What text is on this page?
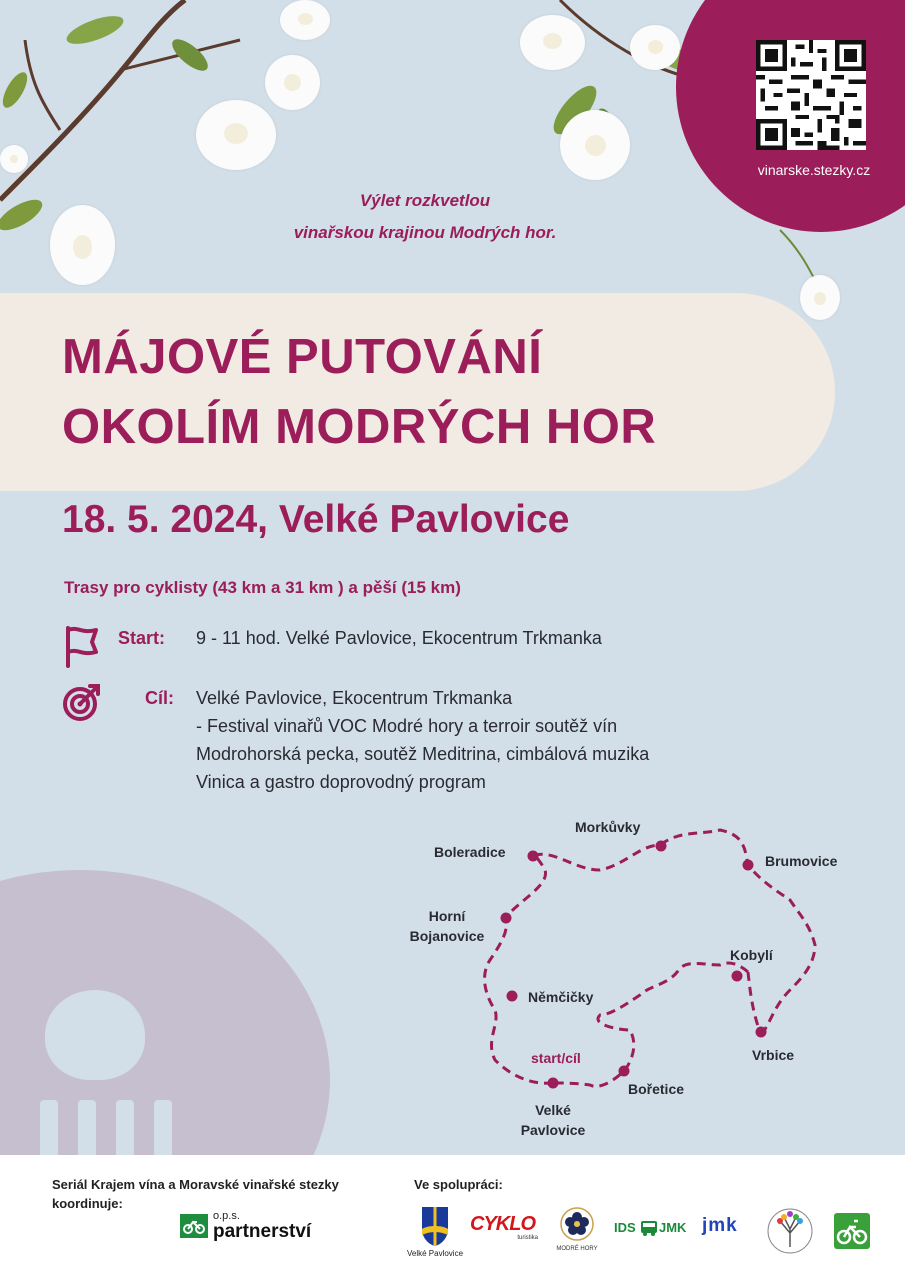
vinarske.stezky.cz
Výlet rozkvetlou
vinařskou krajinou Modrých hor.
MÁJOVÉ PUTOVÁNÍ
OKOLÍM MODRÝCH HOR
18. 5. 2024, Velké Pavlovice
Trasy pro cyklisty (43 km a 31 km ) a pěší (15 km)
Start: 9 - 11 hod. Velké Pavlovice, Ekocentrum Trkmanka
Cíl: Velké Pavlovice, Ekocentrum Trkmanka
- Festival vinařů VOC Modré hory a terroir soutěž vín
Modrohorská pecka, soutěž Meditrina, cimbálová muzika
Vinica a gastro doprovodný program
Morkůvky
Boleradice
Brumovice
Horní
Bojanovice
Kobylí
Němčičky
Vrbice
start/cíl
Bořetice
Velké
Pavlovice
Seriál Krajem vína a Moravské vinařské stezky
koordinuje:
o.p.s.
partnerství
Ve spolupráci:
Velké Pavlovice
CYKLO
turistika
MODRÉ HORY
IDS JMK jmk
